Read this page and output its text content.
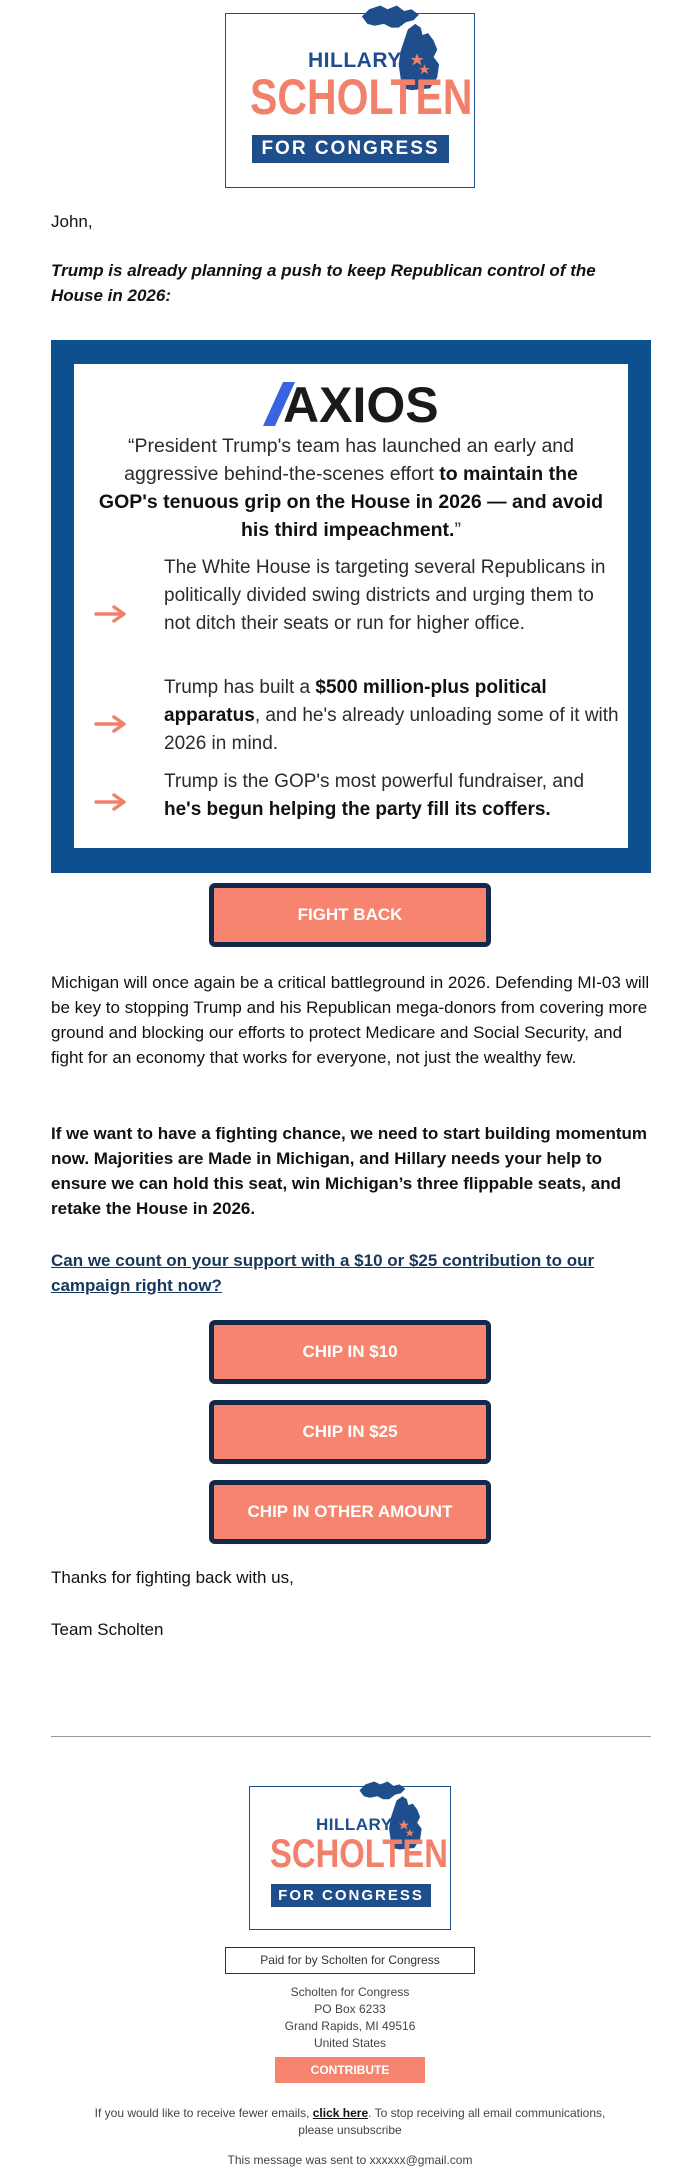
HILLARY
SCHOLTEN
FOR CONGRESS
John,
Trump is already planning a push to keep Republican control of the House in 2026:
AXIOS
“President Trump's team has launched an early and aggressive behind-the-scenes effort to maintain the GOP's tenuous grip on the House in 2026 — and avoid his third impeachment.”
The White House is targeting several Republicans in politically divided swing districts and urging them to not ditch their seats or run for higher office.
Trump has built a $500 million-plus political apparatus, and he's already unloading some of it with 2026 in mind.
Trump is the GOP's most powerful fundraiser, and he's begun helping the party fill its coffers.
FIGHT BACK
Michigan will once again be a critical battleground in 2026. Defending MI-03 will be key to stopping Trump and his Republican mega-donors from covering more ground and blocking our efforts to protect Medicare and Social Security, and fight for an economy that works for everyone, not just the wealthy few.
If we want to have a fighting chance, we need to start building momentum now. Majorities are Made in Michigan, and Hillary needs your help to ensure we can hold this seat, win Michigan’s three flippable seats, and retake the House in 2026.
Can we count on your support with a $10 or $25 contribution to our campaign right now?
CHIP IN $10
CHIP IN $25
CHIP IN OTHER AMOUNT
Thanks for fighting back with us,
Team Scholten
HILLARY
SCHOLTEN
FOR CONGRESS
Paid for by Scholten for Congress
Scholten for Congress
PO Box 6233
Grand Rapids, MI 49516
United States
CONTRIBUTE
If you would like to receive fewer emails, click here. To stop receiving all email communications, please unsubscribe
This message was sent to xxxxxx@gmail.com
